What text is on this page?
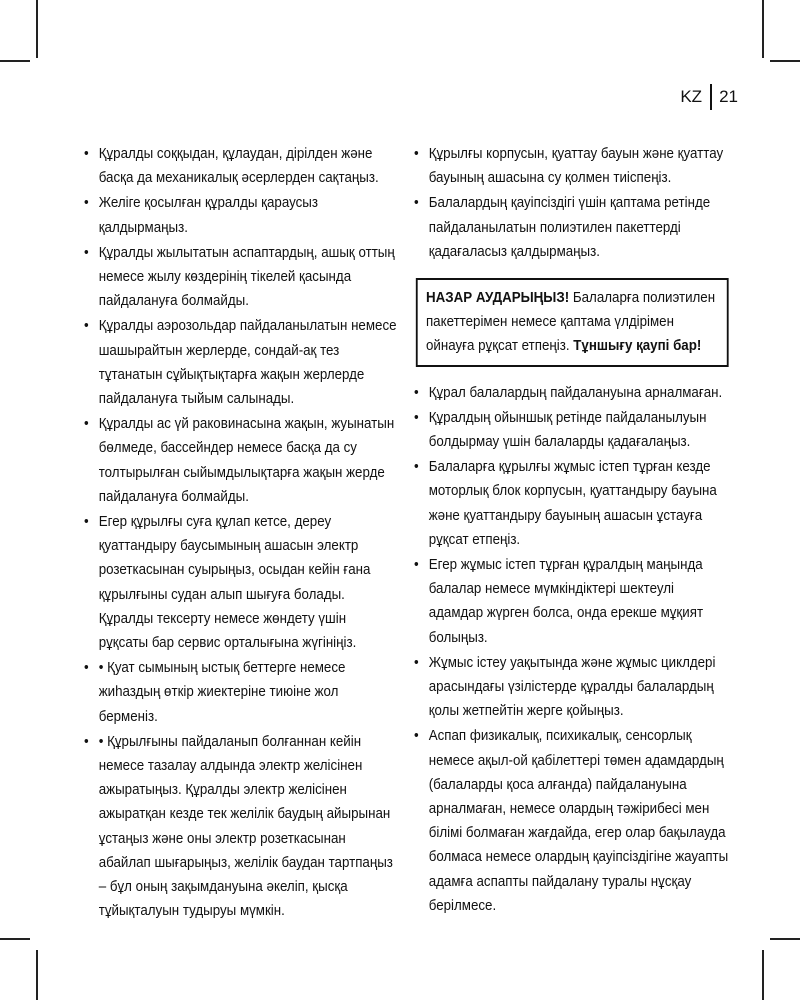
KZ	21
• Құралды соққыдан, құлаудан, дірілден және басқа да механикалық әсерлерден сақтаңыз.
• Желіге қосылған құралды қараусыз қалдырмаңыз.
• Құралды жылытатын аспаптардың, ашық оттың немесе жылу көздерінің тікелей қасында пайдалануға болмайды.
• Құралды аэрозольдар пайдаланылатын немесе шашырайтын жерлерде, сондай-ақ тез тұтанатын сұйықтықтарға жақын жерлерде пайдалануға тыйым салынады.
• Құралды ас үй раковинасына жақын, жуынатын бөлмеде, бассейндер немесе басқа да су толтырылған сыйымдылықтарға жақын жерде пайдалануға болмайды.
• Егер құрылғы суға құлап кетсе, дереу қуаттандыру баусымының ашасын электр розеткасынан суырыңыз, осыдан кейін ғана құрылғыны судан алып шығуға болады. Құралды тексерту немесе жөндету үшін рұқсаты бар сервис орталығына жүгініңіз.
• • Қуат сымының ыстық беттерге немесе жиһаздың өткір жиектеріне тиюіне жол берменіз.
• • Құрылғыны пайдаланып болғаннан кейін немесе тазалау алдында электр желісінен ажыратыңыз. Құралды электр желісінен ажыратқан кезде тек желілік баудың айырынан ұстаңыз және оны электр розеткасынан абайлап шығарыңыз, желілік баудан тартпаңыз – бұл оның зақымдануына әкеліп, қысқа тұйықталуын тудыруы мүмкін.
• Құрылғы корпусын, қуаттау бауын және қуаттау бауының ашасына су қолмен тиіспеңіз.
• Балалардың қауіпсіздігі үшін қаптама ретінде пайдаланылатын полиэтилен пакеттерді қадағаласыз қалдырмаңыз.
НАЗАР АУДАРЫҢЫЗ! Балаларға полиэтилен пакеттерімен немесе қаптама үлдірімен ойнауға рұқсат етпеңіз. Тұншығу қаупі бар!
• Құрал балалардың пайдалануына арналмаған.
• Құралдың ойыншық ретінде пайдаланылуын болдырмау үшін балаларды қадағалаңыз.
• Балаларға құрылғы жұмыс істеп тұрған кезде моторлық блок корпусын, қуаттандыру бауына және қуаттандыру бауының ашасын ұстауға рұқсат етпеңіз.
• Егер жұмыс істеп тұрған құралдың маңында балалар немесе мүмкіндіктері шектеулі адамдар жүрген болса, онда ерекше мұқият болыңыз.
• Жұмыс істеу уақытында және жұмыс циклдері арасындағы үзілістерде құралды балалардың қолы жетпейтін жерге қойыңыз.
• Аспап физикалық, психикалық, сенсорлық немесе ақыл-ой қабілеттері төмен адамдардың (балаларды қоса алғанда) пайдалануына арналмаған, немесе олардың тәжірибесі мен білімі болмаған жағдайда, егер олар бақылауда болмаса немесе олардың қауіпсіздігіне жауапты адамға аспапты пайдалану туралы нұсқау берілмесе.
